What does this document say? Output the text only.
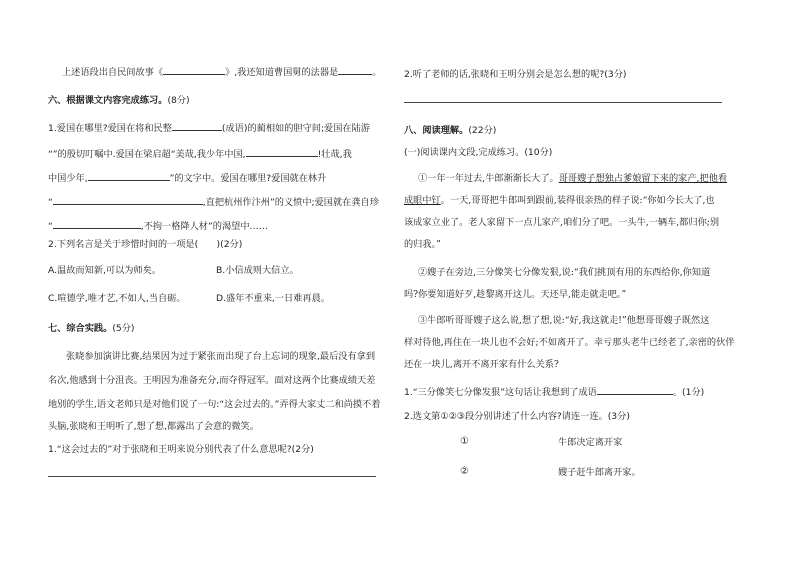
上述语段出自民间故事《	》,我还知道曹国舅的法器是	。
六、根据课文内容完成练习。(8分)
1.爱国在哪里?爱国在将和民整	(成语)的蔺相如的胆守间;爱国在陆游
“”的殷切叮嘱中.爱国在梁启超“美哉,我少年中国,	!壮哉,我
中国少年,	”的文字中。爱国在哪里?爱国就在林升
“	,直把杭州作汴州”的义愤中;爱国就在龚自珍
“	,不拘一格降人材”的渴望中……
2.下列名言是关于珍惜时间的一项是(　　)(2分)
A.温故而知新,可以为师矣。	B.小信成则大信立。
C.喧德学,唯才艺,不如人,当自砺。	D.盛年不重来,一日难再晨。
七、综合实践。(5分)
张晓参加演讲比赛,结果因为过于紧张而出现了台上忘词的现象,最后没有拿到
名次,他感到十分沮丧。王明因为准备充分,而夺得冠军。面对这两个比赛成绩天差
地别的学生,语文老师只是对他们说了一句:“这会过去的。”弄得大家丈二和尚摸不着
头脑,张晓和王明听了,想了想,都露出了会意的微笑。
1.“这会过去的”对于张晓和王明来说分别代表了什么意思呢?(2分)
2.听了老师的话,张晓和王明分别会是怎么想的呢?(3分)
八、阅读理解。(22分)
(一)阅读课内文段,完成练习。(10分)
①一年一年过去,牛郎渐渐长大了。哥哥嫂子想独占爹娘留下来的家产,把他看
成眼中钉。一天,哥哥把牛郎叫到跟前,装得很亲热的样子说:“你如今长大了,也
该成家立业了。老人家留下一点儿家产,咱们分了吧。一头牛,一辆车,都归你;别
的归我。”
②嫂子在旁边,三分像笑七分像发狠,说:“我们挑顶有用的东西给你,你知道
吗?你要知道好歹,趁黎离开这儿。天还早,能走就走吧。”
③牛郎听哥哥嫂子这么说,想了想,说:“好,我这就走!”他想哥哥嫂子既然这
样对待他,再住在一块儿也不会好;不如离开了。幸亏那头老牛已经老了,亲密的伙伴
还在一块儿,离开不离开家有什么关系?
1.“三分像笑七分像发狠”这句话让我想到了成语	。(1分)
2.选文第①②③段分别讲述了什么内容?请连一连。(3分)
①	牛郎决定离开家
②	嫂子赶牛郎离开家。
